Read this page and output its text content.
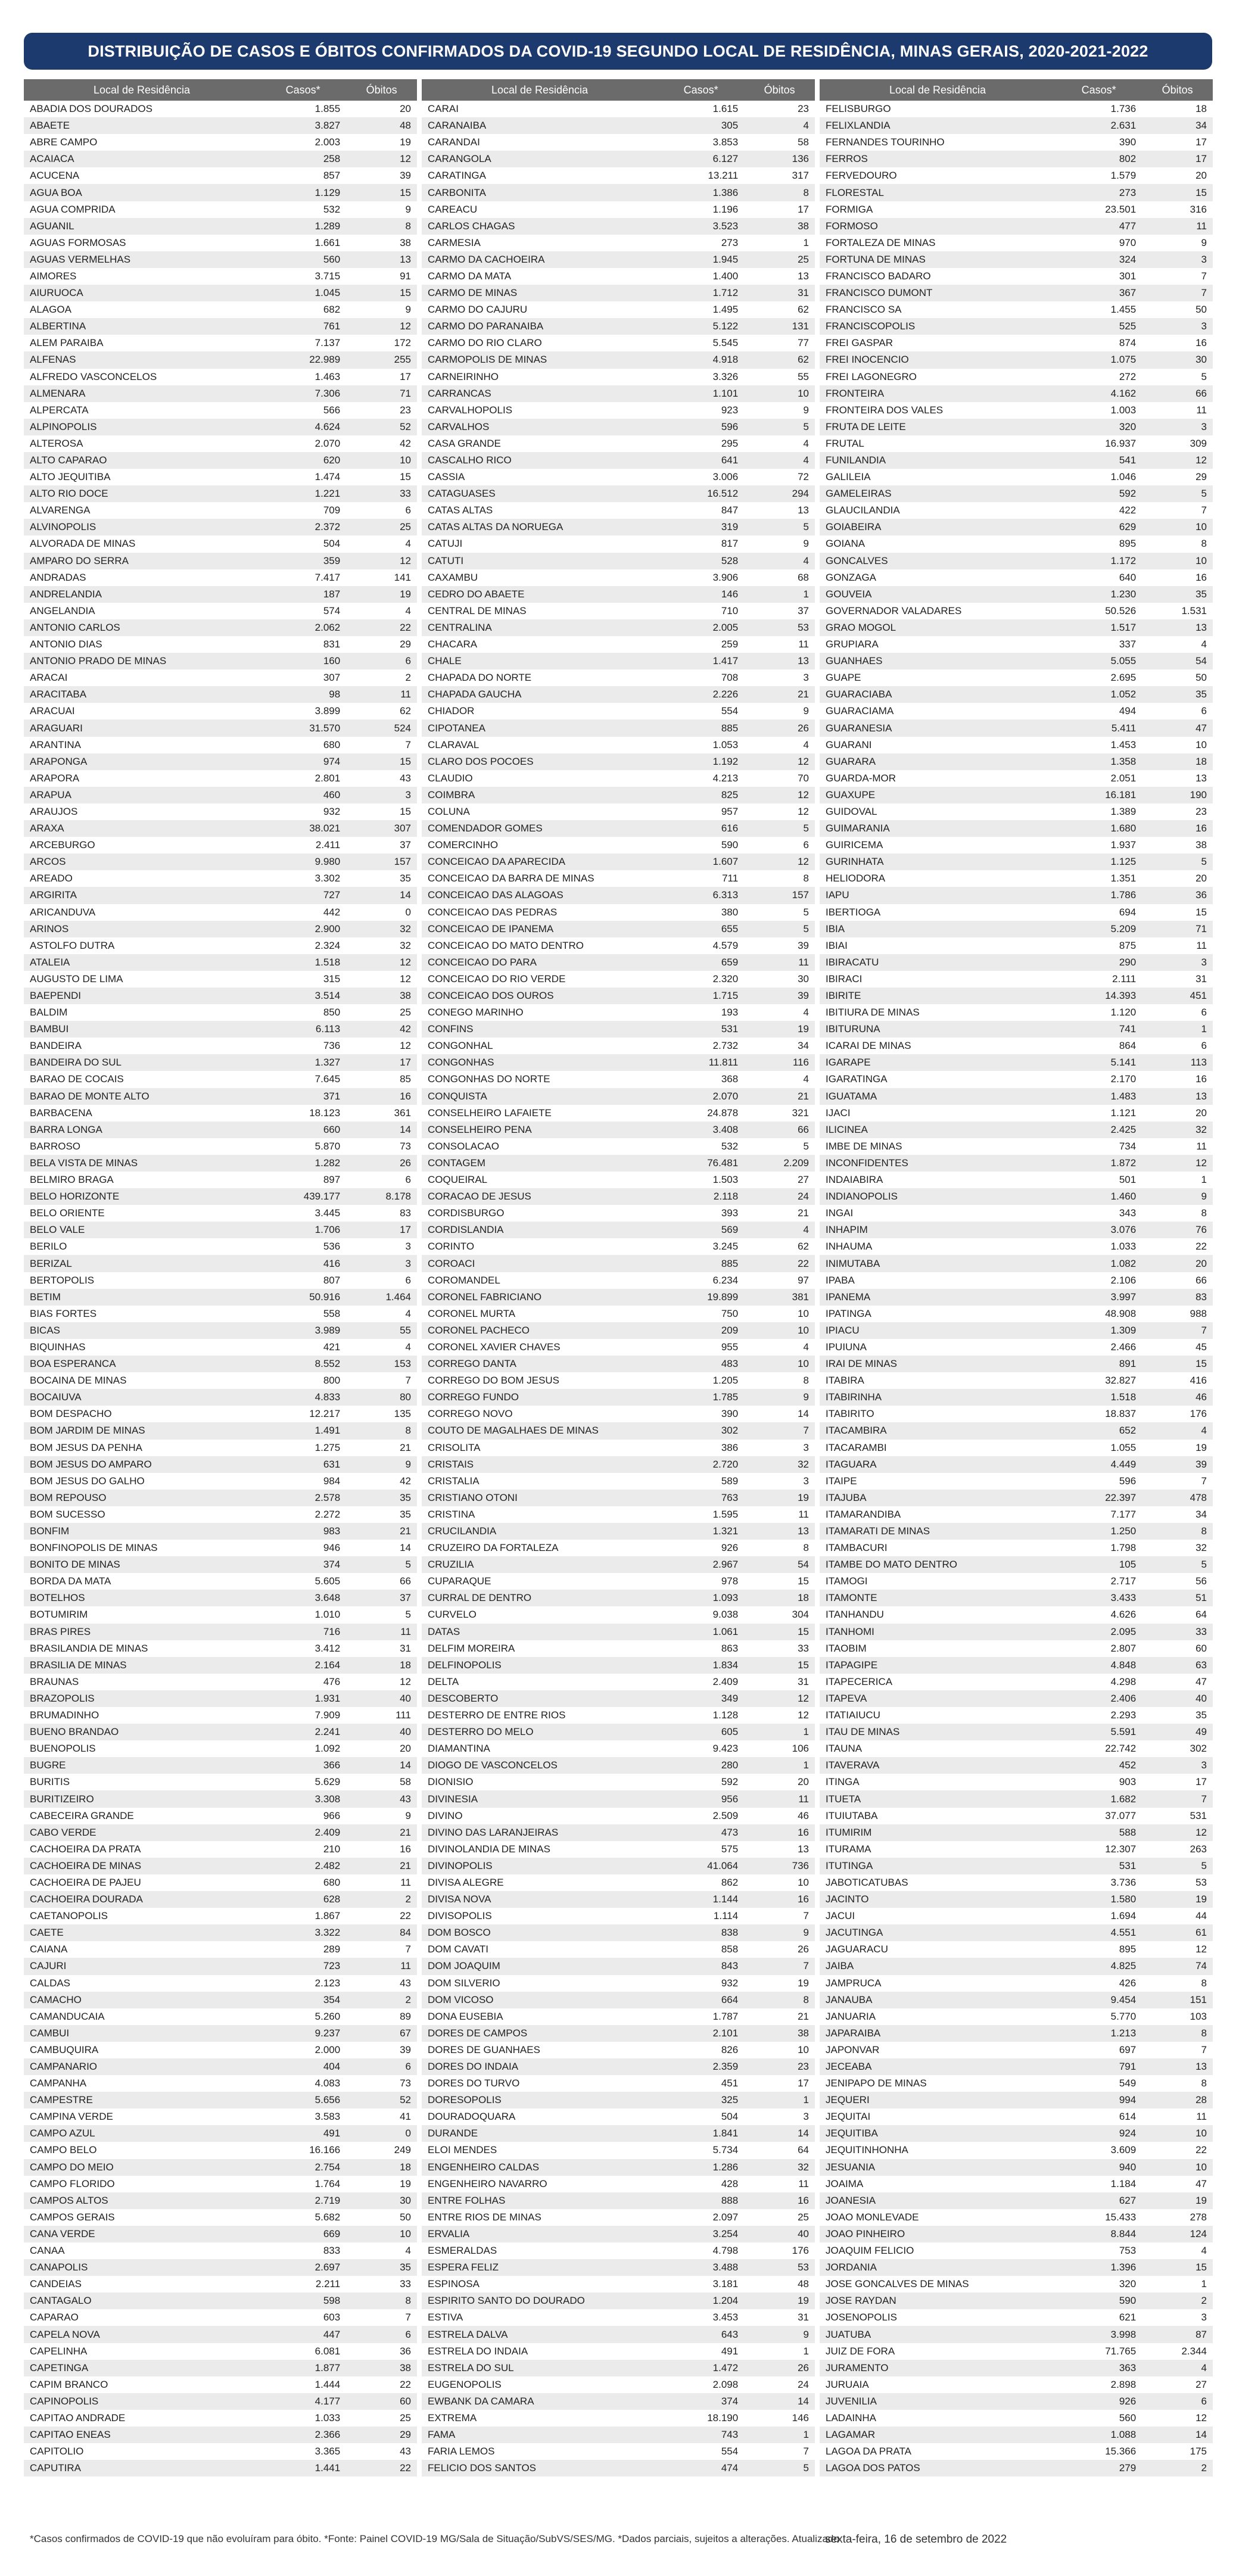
DISTRIBUIÇÃO DE CASOS E ÓBITOS CONFIRMADOS DA COVID-19 SEGUNDO LOCAL DE RESIDÊNCIA, MINAS GERAIS, 2020-2021-2022
Local de Residência	Casos*	Óbitos
ABADIA DOS DOURADOS	1.855	20
ABAETE	3.827	48
ABRE CAMPO	2.003	19
ACAIACA	258	12
ACUCENA	857	39
AGUA BOA	1.129	15
AGUA COMPRIDA	532	9
AGUANIL	1.289	8
AGUAS FORMOSAS	1.661	38
AGUAS VERMELHAS	560	13
AIMORES	3.715	91
AIURUOCA	1.045	15
ALAGOA	682	9
ALBERTINA	761	12
ALEM PARAIBA	7.137	172
ALFENAS	22.989	255
ALFREDO VASCONCELOS	1.463	17
ALMENARA	7.306	71
ALPERCATA	566	23
ALPINOPOLIS	4.624	52
ALTEROSA	2.070	42
ALTO CAPARAO	620	10
ALTO JEQUITIBA	1.474	15
ALTO RIO DOCE	1.221	33
ALVARENGA	709	6
ALVINOPOLIS	2.372	25
ALVORADA DE MINAS	504	4
AMPARO DO SERRA	359	12
ANDRADAS	7.417	141
ANDRELANDIA	187	19
ANGELANDIA	574	4
ANTONIO CARLOS	2.062	22
ANTONIO DIAS	831	29
ANTONIO PRADO DE MINAS	160	6
ARACAI	307	2
ARACITABA	98	11
ARACUAI	3.899	62
ARAGUARI	31.570	524
ARANTINA	680	7
ARAPONGA	974	15
ARAPORA	2.801	43
ARAPUA	460	3
ARAUJOS	932	15
ARAXA	38.021	307
ARCEBURGO	2.411	37
ARCOS	9.980	157
AREADO	3.302	35
ARGIRITA	727	14
ARICANDUVA	442	0
ARINOS	2.900	32
ASTOLFO DUTRA	2.324	32
ATALEIA	1.518	12
AUGUSTO DE LIMA	315	12
BAEPENDI	3.514	38
BALDIM	850	25
BAMBUI	6.113	42
BANDEIRA	736	12
BANDEIRA DO SUL	1.327	17
BARAO DE COCAIS	7.645	85
BARAO DE MONTE ALTO	371	16
BARBACENA	18.123	361
BARRA LONGA	660	14
BARROSO	5.870	73
BELA VISTA DE MINAS	1.282	26
BELMIRO BRAGA	897	6
BELO HORIZONTE	439.177	8.178
BELO ORIENTE	3.445	83
BELO VALE	1.706	17
BERILO	536	3
BERIZAL	416	3
BERTOPOLIS	807	6
BETIM	50.916	1.464
BIAS FORTES	558	4
BICAS	3.989	55
BIQUINHAS	421	4
BOA ESPERANCA	8.552	153
BOCAINA DE MINAS	800	7
BOCAIUVA	4.833	80
BOM DESPACHO	12.217	135
BOM JARDIM DE MINAS	1.491	8
BOM JESUS DA PENHA	1.275	21
BOM JESUS DO AMPARO	631	9
BOM JESUS DO GALHO	984	42
BOM REPOUSO	2.578	35
BOM SUCESSO	2.272	35
BONFIM	983	21
BONFINOPOLIS DE MINAS	946	14
BONITO DE MINAS	374	5
BORDA DA MATA	5.605	66
BOTELHOS	3.648	37
BOTUMIRIM	1.010	5
BRAS PIRES	716	11
BRASILANDIA DE MINAS	3.412	31
BRASILIA DE MINAS	2.164	18
BRAUNAS	476	12
BRAZOPOLIS	1.931	40
BRUMADINHO	7.909	111
BUENO BRANDAO	2.241	40
BUENOPOLIS	1.092	20
BUGRE	366	14
BURITIS	5.629	58
BURITIZEIRO	3.308	43
CABECEIRA GRANDE	966	9
CABO VERDE	2.409	21
CACHOEIRA DA PRATA	210	16
CACHOEIRA DE MINAS	2.482	21
CACHOEIRA DE PAJEU	680	11
CACHOEIRA DOURADA	628	2
CAETANOPOLIS	1.867	22
CAETE	3.322	84
CAIANA	289	7
CAJURI	723	11
CALDAS	2.123	43
CAMACHO	354	2
CAMANDUCAIA	5.260	89
CAMBUI	9.237	67
CAMBUQUIRA	2.000	39
CAMPANARIO	404	6
CAMPANHA	4.083	73
CAMPESTRE	5.656	52
CAMPINA VERDE	3.583	41
CAMPO AZUL	491	0
CAMPO BELO	16.166	249
CAMPO DO MEIO	2.754	18
CAMPO FLORIDO	1.764	19
CAMPOS ALTOS	2.719	30
CAMPOS GERAIS	5.682	50
CANA VERDE	669	10
CANAA	833	4
CANAPOLIS	2.697	35
CANDEIAS	2.211	33
CANTAGALO	598	8
CAPARAO	603	7
CAPELA NOVA	447	6
CAPELINHA	6.081	36
CAPETINGA	1.877	38
CAPIM BRANCO	1.444	22
CAPINOPOLIS	4.177	60
CAPITAO ANDRADE	1.033	25
CAPITAO ENEAS	2.366	29
CAPITOLIO	3.365	43
CAPUTIRA	1.441	22
Local de Residência	Casos*	Óbitos
CARAI	1.615	23
CARANAIBA	305	4
CARANDAI	3.853	58
CARANGOLA	6.127	136
CARATINGA	13.211	317
CARBONITA	1.386	8
CAREACU	1.196	17
CARLOS CHAGAS	3.523	38
CARMESIA	273	1
CARMO DA CACHOEIRA	1.945	25
CARMO DA MATA	1.400	13
CARMO DE MINAS	1.712	31
CARMO DO CAJURU	1.495	62
CARMO DO PARANAIBA	5.122	131
CARMO DO RIO CLARO	5.545	77
CARMOPOLIS DE MINAS	4.918	62
CARNEIRINHO	3.326	55
CARRANCAS	1.101	10
CARVALHOPOLIS	923	9
CARVALHOS	596	5
CASA GRANDE	295	4
CASCALHO RICO	641	4
CASSIA	3.006	72
CATAGUASES	16.512	294
CATAS ALTAS	847	13
CATAS ALTAS DA NORUEGA	319	5
CATUJI	817	9
CATUTI	528	4
CAXAMBU	3.906	68
CEDRO DO ABAETE	146	1
CENTRAL DE MINAS	710	37
CENTRALINA	2.005	53
CHACARA	259	11
CHALE	1.417	13
CHAPADA DO NORTE	708	3
CHAPADA GAUCHA	2.226	21
CHIADOR	554	9
CIPOTANEA	885	26
CLARAVAL	1.053	4
CLARO DOS POCOES	1.192	12
CLAUDIO	4.213	70
COIMBRA	825	12
COLUNA	957	12
COMENDADOR GOMES	616	5
COMERCINHO	590	6
CONCEICAO DA APARECIDA	1.607	12
CONCEICAO DA BARRA DE MINAS	711	8
CONCEICAO DAS ALAGOAS	6.313	157
CONCEICAO DAS PEDRAS	380	5
CONCEICAO DE IPANEMA	655	5
CONCEICAO DO MATO DENTRO	4.579	39
CONCEICAO DO PARA	659	11
CONCEICAO DO RIO VERDE	2.320	30
CONCEICAO DOS OUROS	1.715	39
CONEGO MARINHO	193	4
CONFINS	531	19
CONGONHAL	2.732	34
CONGONHAS	11.811	116
CONGONHAS DO NORTE	368	4
CONQUISTA	2.070	21
CONSELHEIRO LAFAIETE	24.878	321
CONSELHEIRO PENA	3.408	66
CONSOLACAO	532	5
CONTAGEM	76.481	2.209
COQUEIRAL	1.503	27
CORACAO DE JESUS	2.118	24
CORDISBURGO	393	21
CORDISLANDIA	569	4
CORINTO	3.245	62
COROACI	885	22
COROMANDEL	6.234	97
CORONEL FABRICIANO	19.899	381
CORONEL MURTA	750	10
CORONEL PACHECO	209	10
CORONEL XAVIER CHAVES	955	4
CORREGO DANTA	483	10
CORREGO DO BOM JESUS	1.205	8
CORREGO FUNDO	1.785	9
CORREGO NOVO	390	14
COUTO DE MAGALHAES DE MINAS	302	7
CRISOLITA	386	3
CRISTAIS	2.720	32
CRISTALIA	589	3
CRISTIANO OTONI	763	19
CRISTINA	1.595	11
CRUCILANDIA	1.321	13
CRUZEIRO DA FORTALEZA	926	8
CRUZILIA	2.967	54
CUPARAQUE	978	15
CURRAL DE DENTRO	1.093	18
CURVELO	9.038	304
DATAS	1.061	15
DELFIM MOREIRA	863	33
DELFINOPOLIS	1.834	15
DELTA	2.409	31
DESCOBERTO	349	12
DESTERRO DE ENTRE RIOS	1.128	12
DESTERRO DO MELO	605	1
DIAMANTINA	9.423	106
DIOGO DE VASCONCELOS	280	1
DIONISIO	592	20
DIVINESIA	956	11
DIVINO	2.509	46
DIVINO DAS LARANJEIRAS	473	16
DIVINOLANDIA DE MINAS	575	13
DIVINOPOLIS	41.064	736
DIVISA ALEGRE	862	10
DIVISA NOVA	1.144	16
DIVISOPOLIS	1.114	7
DOM BOSCO	838	9
DOM CAVATI	858	26
DOM JOAQUIM	843	7
DOM SILVERIO	932	19
DOM VICOSO	664	8
DONA EUSEBIA	1.787	21
DORES DE CAMPOS	2.101	38
DORES DE GUANHAES	826	10
DORES DO INDAIA	2.359	23
DORES DO TURVO	451	17
DORESOPOLIS	325	1
DOURADOQUARA	504	3
DURANDE	1.841	14
ELOI MENDES	5.734	64
ENGENHEIRO CALDAS	1.286	32
ENGENHEIRO NAVARRO	428	11
ENTRE FOLHAS	888	16
ENTRE RIOS DE MINAS	2.097	25
ERVALIA	3.254	40
ESMERALDAS	4.798	176
ESPERA FELIZ	3.488	53
ESPINOSA	3.181	48
ESPIRITO SANTO DO DOURADO	1.204	19
ESTIVA	3.453	31
ESTRELA DALVA	643	9
ESTRELA DO INDAIA	491	1
ESTRELA DO SUL	1.472	26
EUGENOPOLIS	2.098	24
EWBANK DA CAMARA	374	14
EXTREMA	18.190	146
FAMA	743	1
FARIA LEMOS	554	7
FELICIO DOS SANTOS	474	5
Local de Residência	Casos*	Óbitos
FELISBURGO	1.736	18
FELIXLANDIA	2.631	34
FERNANDES TOURINHO	390	17
FERROS	802	17
FERVEDOURO	1.579	20
FLORESTAL	273	15
FORMIGA	23.501	316
FORMOSO	477	11
FORTALEZA DE MINAS	970	9
FORTUNA DE MINAS	324	3
FRANCISCO BADARO	301	7
FRANCISCO DUMONT	367	7
FRANCISCO SA	1.455	50
FRANCISCOPOLIS	525	3
FREI GASPAR	874	16
FREI INOCENCIO	1.075	30
FREI LAGONEGRO	272	5
FRONTEIRA	4.162	66
FRONTEIRA DOS VALES	1.003	11
FRUTA DE LEITE	320	3
FRUTAL	16.937	309
FUNILANDIA	541	12
GALILEIA	1.046	29
GAMELEIRAS	592	5
GLAUCILANDIA	422	7
GOIABEIRA	629	10
GOIANA	895	8
GONCALVES	1.172	10
GONZAGA	640	16
GOUVEIA	1.230	35
GOVERNADOR VALADARES	50.526	1.531
GRAO MOGOL	1.517	13
GRUPIARA	337	4
GUANHAES	5.055	54
GUAPE	2.695	50
GUARACIABA	1.052	35
GUARACIAMA	494	6
GUARANESIA	5.411	47
GUARANI	1.453	10
GUARARA	1.358	18
GUARDA-MOR	2.051	13
GUAXUPE	16.181	190
GUIDOVAL	1.389	23
GUIMARANIA	1.680	16
GUIRICEMA	1.937	38
GURINHATA	1.125	5
HELIODORA	1.351	20
IAPU	1.786	36
IBERTIOGA	694	15
IBIA	5.209	71
IBIAI	875	11
IBIRACATU	290	3
IBIRACI	2.111	31
IBIRITE	14.393	451
IBITIURA DE MINAS	1.120	6
IBITURUNA	741	1
ICARAI DE MINAS	864	6
IGARAPE	5.141	113
IGARATINGA	2.170	16
IGUATAMA	1.483	13
IJACI	1.121	20
ILICINEA	2.425	32
IMBE DE MINAS	734	11
INCONFIDENTES	1.872	12
INDAIABIRA	501	1
INDIANOPOLIS	1.460	9
INGAI	343	8
INHAPIM	3.076	76
INHAUMA	1.033	22
INIMUTABA	1.082	20
IPABA	2.106	66
IPANEMA	3.997	83
IPATINGA	48.908	988
IPIACU	1.309	7
IPUIUNA	2.466	45
IRAI DE MINAS	891	15
ITABIRA	32.827	416
ITABIRINHA	1.518	46
ITABIRITO	18.837	176
ITACAMBIRA	652	4
ITACARAMBI	1.055	19
ITAGUARA	4.449	39
ITAIPE	596	7
ITAJUBA	22.397	478
ITAMARANDIBA	7.177	34
ITAMARATI DE MINAS	1.250	8
ITAMBACURI	1.798	32
ITAMBE DO MATO DENTRO	105	5
ITAMOGI	2.717	56
ITAMONTE	3.433	51
ITANHANDU	4.626	64
ITANHOMI	2.095	33
ITAOBIM	2.807	60
ITAPAGIPE	4.848	63
ITAPECERICA	4.298	47
ITAPEVA	2.406	40
ITATIAIUCU	2.293	35
ITAU DE MINAS	5.591	49
ITAUNA	22.742	302
ITAVERAVA	452	3
ITINGA	903	17
ITUETA	1.682	7
ITUIUTABA	37.077	531
ITUMIRIM	588	12
ITURAMA	12.307	263
ITUTINGA	531	5
JABOTICATUBAS	3.736	53
JACINTO	1.580	19
JACUI	1.694	44
JACUTINGA	4.551	61
JAGUARACU	895	12
JAIBA	4.825	74
JAMPRUCA	426	8
JANAUBA	9.454	151
JANUARIA	5.770	103
JAPARAIBA	1.213	8
JAPONVAR	697	7
JECEABA	791	13
JENIPAPO DE MINAS	549	8
JEQUERI	994	28
JEQUITAI	614	11
JEQUITIBA	924	10
JEQUITINHONHA	3.609	22
JESUANIA	940	10
JOAIMA	1.184	47
JOANESIA	627	19
JOAO MONLEVADE	15.433	278
JOAO PINHEIRO	8.844	124
JOAQUIM FELICIO	753	4
JORDANIA	1.396	15
JOSE GONCALVES DE MINAS	320	1
JOSE RAYDAN	590	2
JOSENOPOLIS	621	3
JUATUBA	3.998	87
JUIZ DE FORA	71.765	2.344
JURAMENTO	363	4
JURUAIA	2.898	27
JUVENILIA	926	6
LADAINHA	560	12
LAGAMAR	1.088	14
LAGOA DA PRATA	15.366	175
LAGOA DOS PATOS	279	2
*Casos confirmados de COVID-19 que não evoluíram para óbito. *Fonte: Painel COVID-19 MG/Sala de Situação/SubVS/SES/MG. *Dados parciais, sujeitos a alterações. Atualizado
sexta-feira, 16 de setembro de 2022
